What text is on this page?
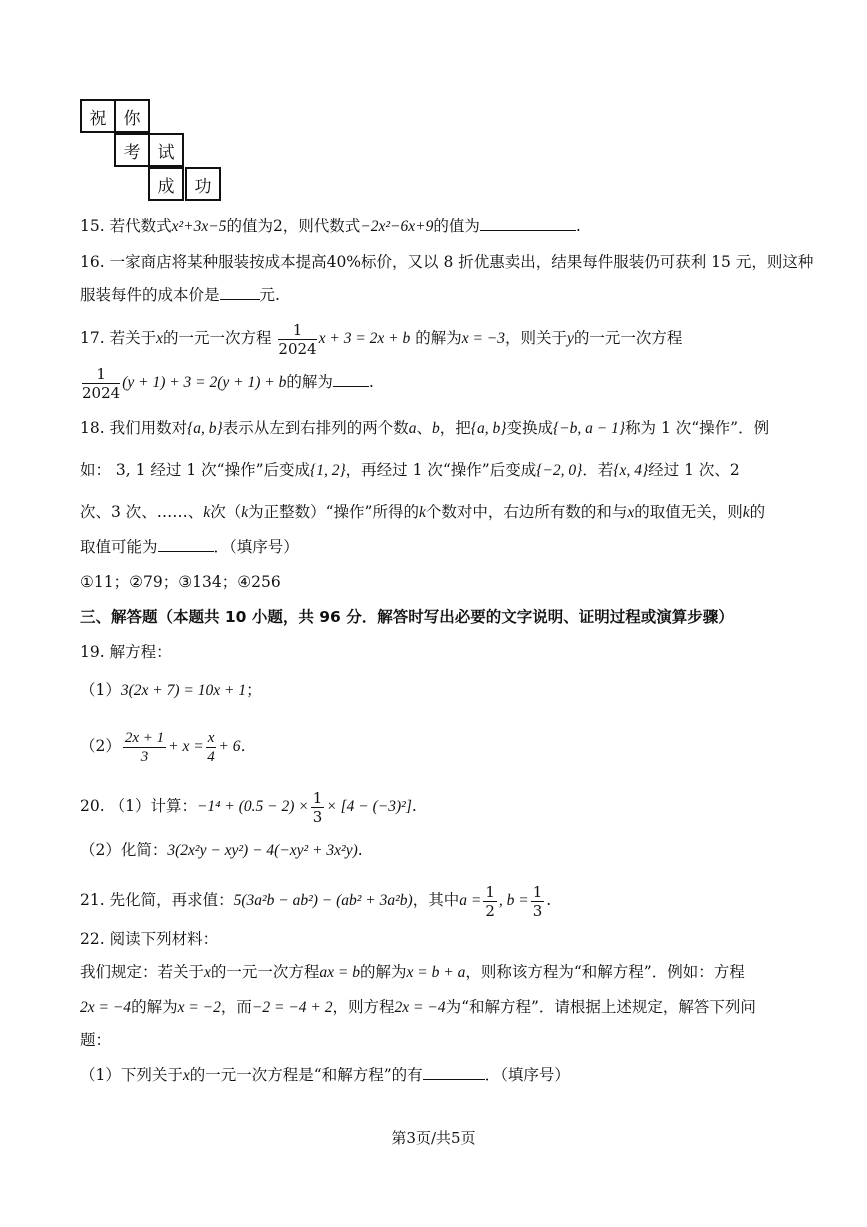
祝	你
考	试
成	功
15. 若代数式x²+3x−5的值为2，则代数式−2x²−6x+9的值为	.
16. 一家商店将某种服装按成本提高40%标价，又以 8 折优惠卖出，结果每件服装仍可获利 15 元，则这种
服装每件的成本价是	元.
17. 若关于x的一元一次方程 $\frac{1}{2024}$ x + 3 = 2x + b 的解为x = −3，则关于y的一元一次方程
$\frac{1}{2024} (y + 1) + 3 = 2(y + 1) + b$的解为 .
18. 我们用数对{a, b}表示从左到右排列的两个数a、b，把{a, b}变换成{−b, a − 1}称为 1 次“操作”．例
如： 3, 1 经过 1 次“操作”后变成{1, 2}，再经过 1 次“操作”后变成{−2, 0}．若{x, 4}经过 1 次、2
次、3 次、……、k次（k为正整数）“操作”所得的k个数对中，右边所有数的和与x的取值无关，则k的
取值可能为	．（填序号）
①11；②79；③134；④256
三、解答题（本题共 10 小题，共 96 分．解答时写出必要的文字说明、证明过程或演算步骤）
19. 解方程：
（1）3(2x + 7) = 10x + 1；
$(2) \frac{2x + 1}{3} + x = \frac{x}{4} + 6$．
20. （1）计算：$-1^4 + (0.5 - 2) \times \frac{1}{3} \times [4 - (-3)^2]$.
（2）化简：3(2x²y − xy²) − 4(−xy² + 3x²y).
21. 先化简，再求值：5(3a²b − ab²) − (ab² + 3a²b)，其中$a = \frac{1}{2}$ , $b = \frac{1}{3}$ .
22. 阅读下列材料：
我们规定：若关于x的一元一次方程ax = b的解为x = b + a，则称该方程为“和解方程”．例如：方程
2x = −4的解为x = −2，而−2 = −4 + 2，则方程2x = −4为“和解方程”．请根据上述规定，解答下列问
题：
（1）下列关于x的一元一次方程是“和解方程”的有	．（填序号）
第3页/共5页
